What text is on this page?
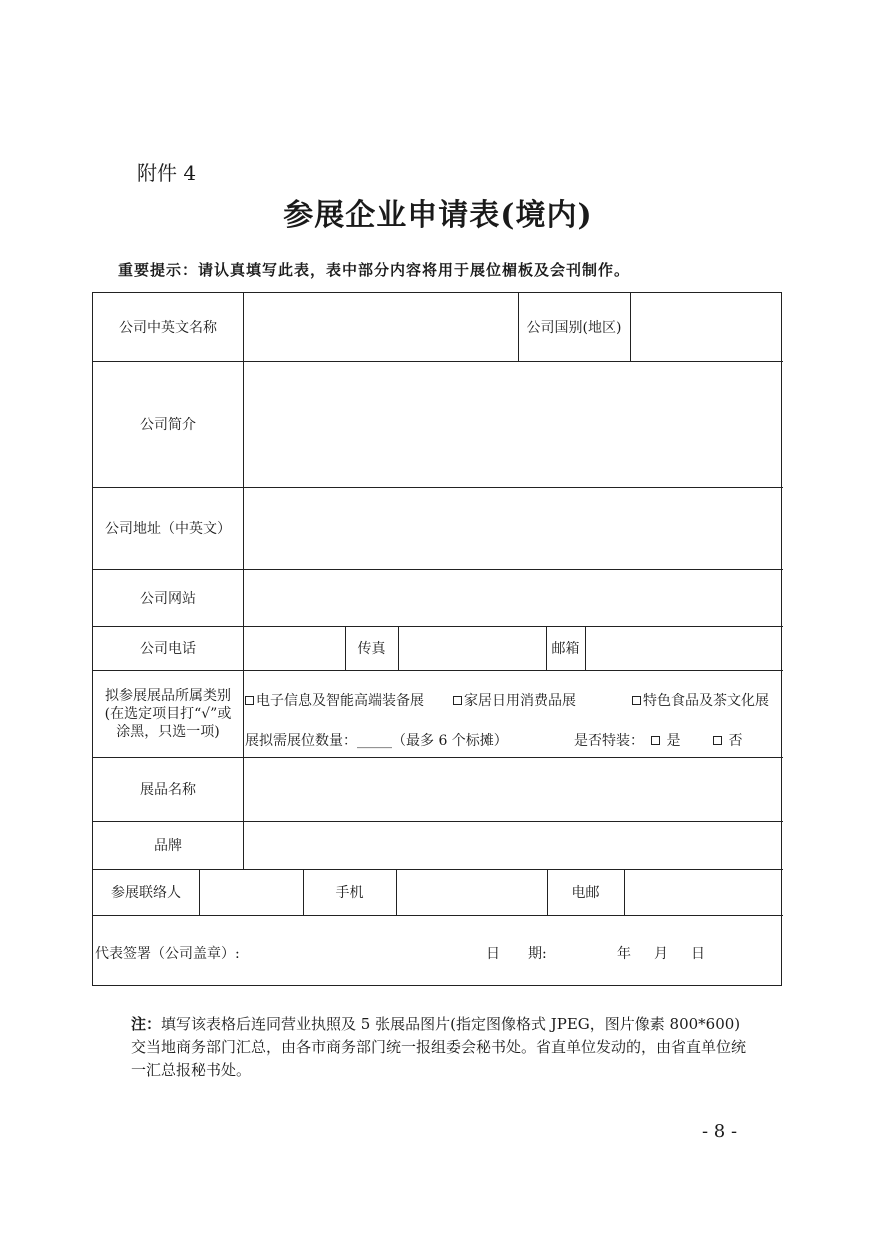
附件 4
参展企业申请表(境内)
重要提示：请认真填写此表，表中部分内容将用于展位楣板及会刊制作。
公司中英文名称	公司国别(地区)
公司简介
公司地址（中英文）
公司网站
公司电话	传真	邮箱
拟参展展品所属类别
(在选定项目打“√”或
涂黑，只选一项)
电子信息及智能高端装备展	家居日用消费品展	特色食品及茶文化展
展拟需展位数量：_____（最多 6 个标摊）	是否特装：	是	否
展品名称
品牌
参展联络人	手机	电邮
代表签署（公司盖章）:	日　　期:	年 月 日
注：填写该表格后连同营业执照及 5 张展品图片(指定图像格式 JPEG，图片像素 800*600)交当地商务部门汇总，由各市商务部门统一报组委会秘书处。省直单位发动的，由省直单位统一汇总报秘书处。
- 8 -
